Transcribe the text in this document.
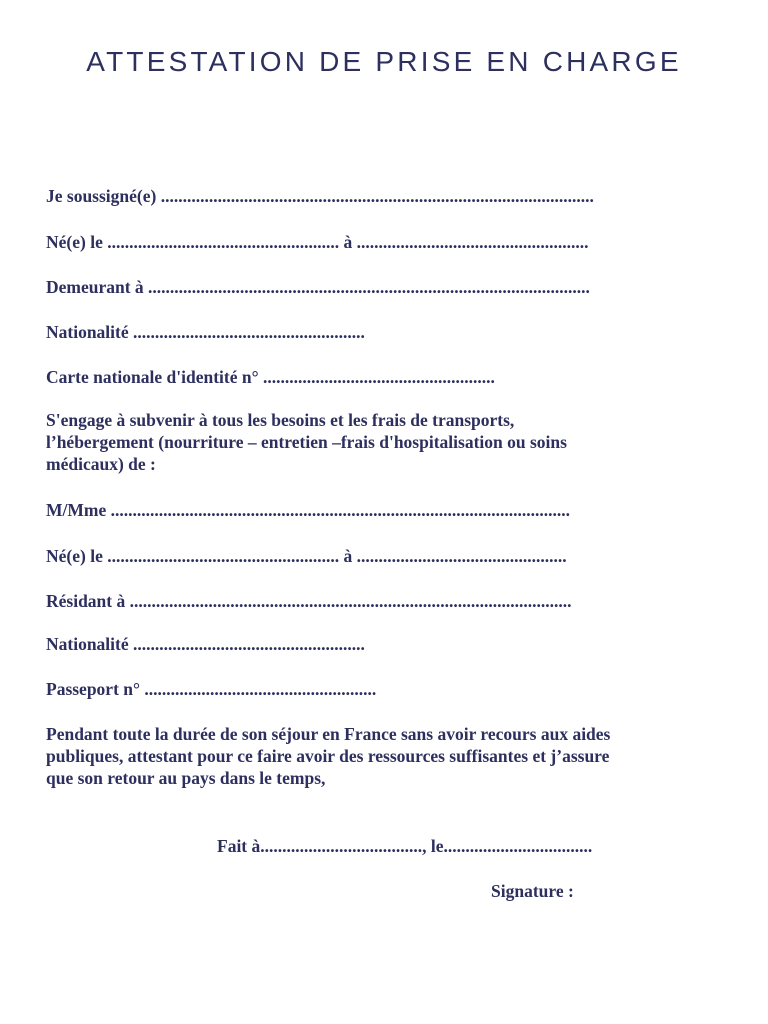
ATTESTATION DE PRISE EN CHARGE
Je soussigné(e) ...................................................................................................
Né(e) le ..................................................... à .....................................................
Demeurant à .....................................................................................................
Nationalité .....................................................
Carte nationale d'identité n° .....................................................
S'engage à subvenir à tous les besoins et les frais de transports,
l’hébergement (nourriture – entretien –frais d'hospitalisation ou soins
médicaux) de :
M/Mme .........................................................................................................
Né(e) le ..................................................... à ................................................
Résidant à .....................................................................................................
Nationalité .....................................................
Passeport n° .....................................................
Pendant toute la durée de son séjour en France sans avoir recours aux aides
publiques, attestant pour ce faire avoir des ressources suffisantes et j’assure
que son retour au pays dans le temps,
Fait à....................................., le..................................
Signature :
